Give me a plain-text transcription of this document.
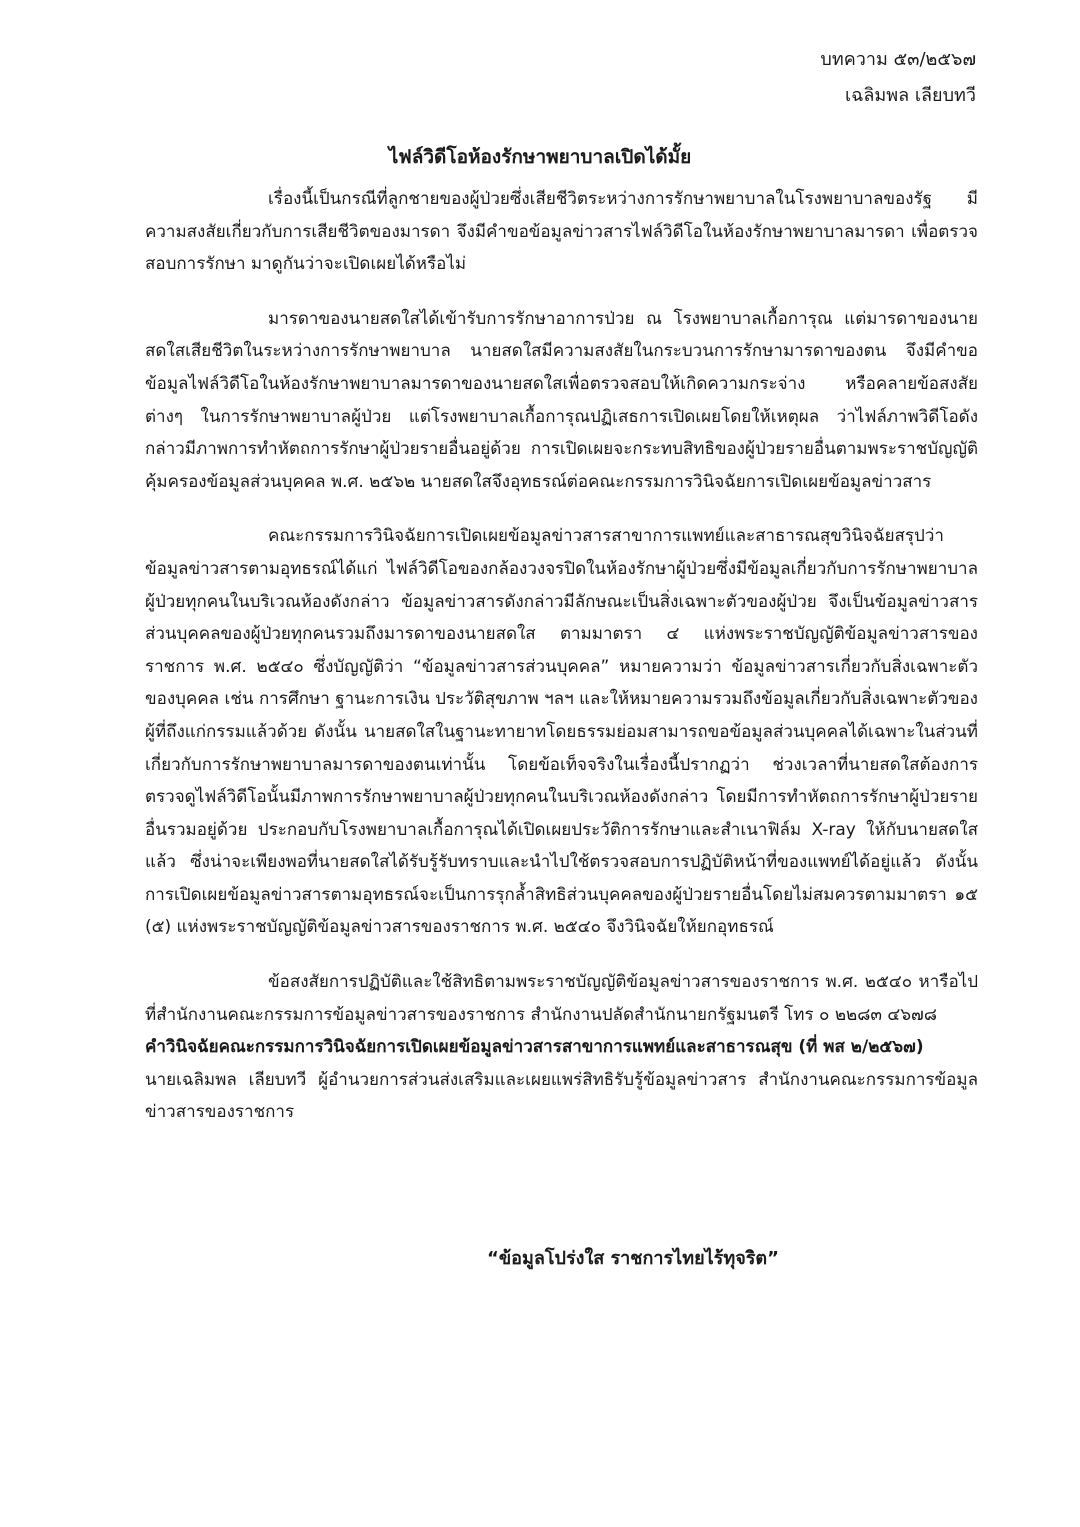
บทความ ๕๓/๒๕๖๗
เฉลิมพล เลียบทวี
ไฟล์วิดีโอห้องรักษาพยาบาลเปิดได้มั้ย

เรื่องนี้เป็นกรณีที่ลูกชายของผู้ป่วยซึ่งเสียชีวิตระหว่างการรักษาพยาบาลในโรงพยาบาลของรัฐ มีความสงสัยเกี่ยวกับการเสียชีวิตของมารดา จึงมีคำขอข้อมูลข่าวสารไฟล์วิดีโอในห้องรักษาพยาบาลมารดา เพื่อตรวจสอบการรักษา มาดูกันว่าจะเปิดเผยได้หรือไม่

มารดาของนายสดใสได้เข้ารับการรักษาอาการป่วย ณ โรงพยาบาลเกื้อการุณ แต่มารดาของนายสดใสเสียชีวิตในระหว่างการรักษาพยาบาล นายสดใสมีความสงสัยในกระบวนการรักษามารดาของตน จึงมีคำขอข้อมูลไฟล์วิดีโอในห้องรักษาพยาบาลมารดาของนายสดใสเพื่อตรวจสอบให้เกิดความกระจ่าง หรือคลายข้อสงสัยต่างๆ ในการรักษาพยาบาลผู้ป่วย แต่โรงพยาบาลเกื้อการุณปฏิเสธการเปิดเผยโดยให้เหตุผล ว่าไฟล์ภาพวิดีโอดังกล่าวมีภาพการทำหัตถการรักษาผู้ป่วยรายอื่นอยู่ด้วย การเปิดเผยจะกระทบสิทธิของผู้ป่วยรายอื่นตามพระราชบัญญัติคุ้มครองข้อมูลส่วนบุคคล พ.ศ. ๒๕๖๒ นายสดใสจึงอุทธรณ์ต่อคณะกรรมการวินิจฉัยการเปิดเผยข้อมูลข่าวสาร

คณะกรรมการวินิจฉัยการเปิดเผยข้อมูลข่าวสารสาขาการแพทย์และสาธารณสุขวินิจฉัยสรุปว่า ข้อมูลข่าวสารตามอุทธรณ์ได้แก่ ไฟล์วิดีโอของกล้องวงจรปิดในห้องรักษาผู้ป่วยซึ่งมีข้อมูลเกี่ยวกับการรักษาพยาบาลผู้ป่วยทุกคนในบริเวณห้องดังกล่าว ข้อมูลข่าวสารดังกล่าวมีลักษณะเป็นสิ่งเฉพาะตัวของผู้ป่วย จึงเป็นข้อมูลข่าวสารส่วนบุคคลของผู้ป่วยทุกคนรวมถึงมารดาของนายสดใส ตามมาตรา ๔ แห่งพระราชบัญญัติข้อมูลข่าวสารของราชการ พ.ศ. ๒๕๔๐ ซึ่งบัญญัติว่า “ข้อมูลข่าวสารส่วนบุคคล” หมายความว่า ข้อมูลข่าวสารเกี่ยวกับสิ่งเฉพาะตัวของบุคคล เช่น การศึกษา ฐานะการเงิน ประวัติสุขภาพ ฯลฯ และให้หมายความรวมถึงข้อมูลเกี่ยวกับสิ่งเฉพาะตัวของผู้ที่ถึงแก่กรรมแล้วด้วย ดังนั้น นายสดใสในฐานะทายาทโดยธรรมย่อมสามารถขอข้อมูลส่วนบุคคลได้เฉพาะในส่วนที่เกี่ยวกับการรักษาพยาบาลมารดาของตนเท่านั้น โดยข้อเท็จจริงในเรื่องนี้ปรากฏว่า ช่วงเวลาที่นายสดใสต้องการตรวจดูไฟล์วิดีโอนั้นมีภาพการรักษาพยาบาลผู้ป่วยทุกคนในบริเวณห้องดังกล่าว โดยมีการทำหัตถการรักษาผู้ป่วยรายอื่นรวมอยู่ด้วย ประกอบกับโรงพยาบาลเกื้อการุณได้เปิดเผยประวัติการรักษาและสำเนาฟิล์ม X-ray ให้กับนายสดใสแล้ว ซึ่งน่าจะเพียงพอที่นายสดใสได้รับรู้รับทราบและนำไปใช้ตรวจสอบการปฏิบัติหน้าที่ของแพทย์ได้อยู่แล้ว ดังนั้น การเปิดเผยข้อมูลข่าวสารตามอุทธรณ์จะเป็นการรุกล้ำสิทธิส่วนบุคคลของผู้ป่วยรายอื่นโดยไม่สมควรตามมาตรา ๑๕ (๕) แห่งพระราชบัญญัติข้อมูลข่าวสารของราชการ พ.ศ. ๒๕๔๐ จึงวินิจฉัยให้ยกอุทธรณ์

ข้อสงสัยการปฏิบัติและใช้สิทธิตามพระราชบัญญัติข้อมูลข่าวสารของราชการ พ.ศ. ๒๕๔๐ หารือไปที่สำนักงานคณะกรรมการข้อมูลข่าวสารของราชการ สำนักงานปลัดสำนักนายกรัฐมนตรี โทร ๐ ๒๒๘๓ ๔๖๗๘

คำวินิจฉัยคณะกรรมการวินิจฉัยการเปิดเผยข้อมูลข่าวสารสาขาการแพทย์และสาธารณสุข (ที่ พส ๒/๒๕๖๗)

นายเฉลิมพล เลียบทวี ผู้อำนวยการส่วนส่งเสริมและเผยแพร่สิทธิรับรู้ข้อมูลข่าวสาร สำนักงานคณะกรรมการข้อมูลข่าวสารของราชการ

“ข้อมูลโปร่งใส ราชการไทยไร้ทุจริต”
